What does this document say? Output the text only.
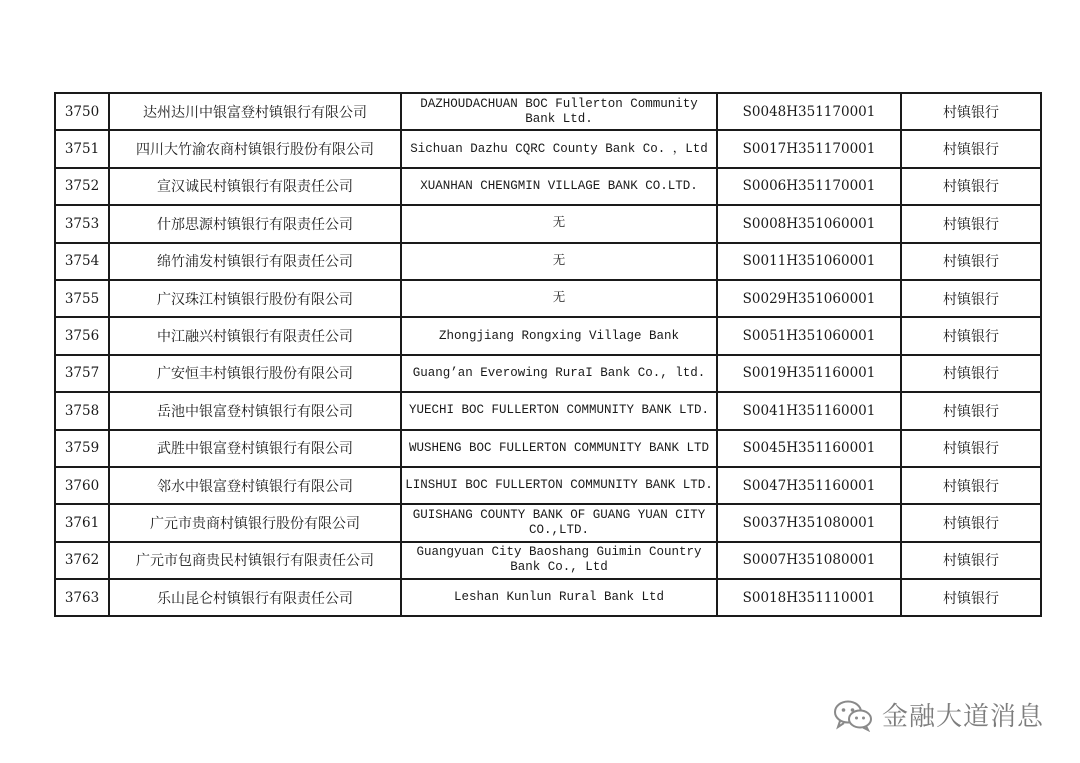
3750	达州达川中银富登村镇银行有限公司	DAZHOUDACHUAN BOC Fullerton Community Bank Ltd.	S0048H351170001	村镇银行
3751	四川大竹渝农商村镇银行股份有限公司	Sichuan Dazhu CQRC County Bank Co. ，Ltd	S0017H351170001	村镇银行
3752	宣汉诚民村镇银行有限责任公司	XUANHAN CHENGMIN VILLAGE BANK CO.LTD.	S0006H351170001	村镇银行
3753	什邡思源村镇银行有限责任公司	无	S0008H351060001	村镇银行
3754	绵竹浦发村镇银行有限责任公司	无	S0011H351060001	村镇银行
3755	广汉珠江村镇银行股份有限公司	无	S0029H351060001	村镇银行
3756	中江融兴村镇银行有限责任公司	Zhongjiang Rongxing Village Bank	S0051H351060001	村镇银行
3757	广安恒丰村镇银行股份有限公司	Guang’an Everowing RuraI Bank Co., ltd.	S0019H351160001	村镇银行
3758	岳池中银富登村镇银行有限公司	YUECHI BOC FULLERTON COMMUNITY BANK LTD.	S0041H351160001	村镇银行
3759	武胜中银富登村镇银行有限公司	WUSHENG BOC FULLERTON COMMUNITY BANK LTD	S0045H351160001	村镇银行
3760	邻水中银富登村镇银行有限公司	LINSHUI BOC FULLERTON COMMUNITY BANK LTD.	S0047H351160001	村镇银行
3761	广元市贵商村镇银行股份有限公司	GUISHANG COUNTY BANK OF GUANG YUAN CITY CO.,LTD.	S0037H351080001	村镇银行
3762	广元市包商贵民村镇银行有限责任公司	Guangyuan City Baoshang Guimin Country Bank Co., Ltd	S0007H351080001	村镇银行
3763	乐山昆仑村镇银行有限责任公司	Leshan Kunlun Rural Bank Ltd	S0018H351110001	村镇银行
金融大道消息
